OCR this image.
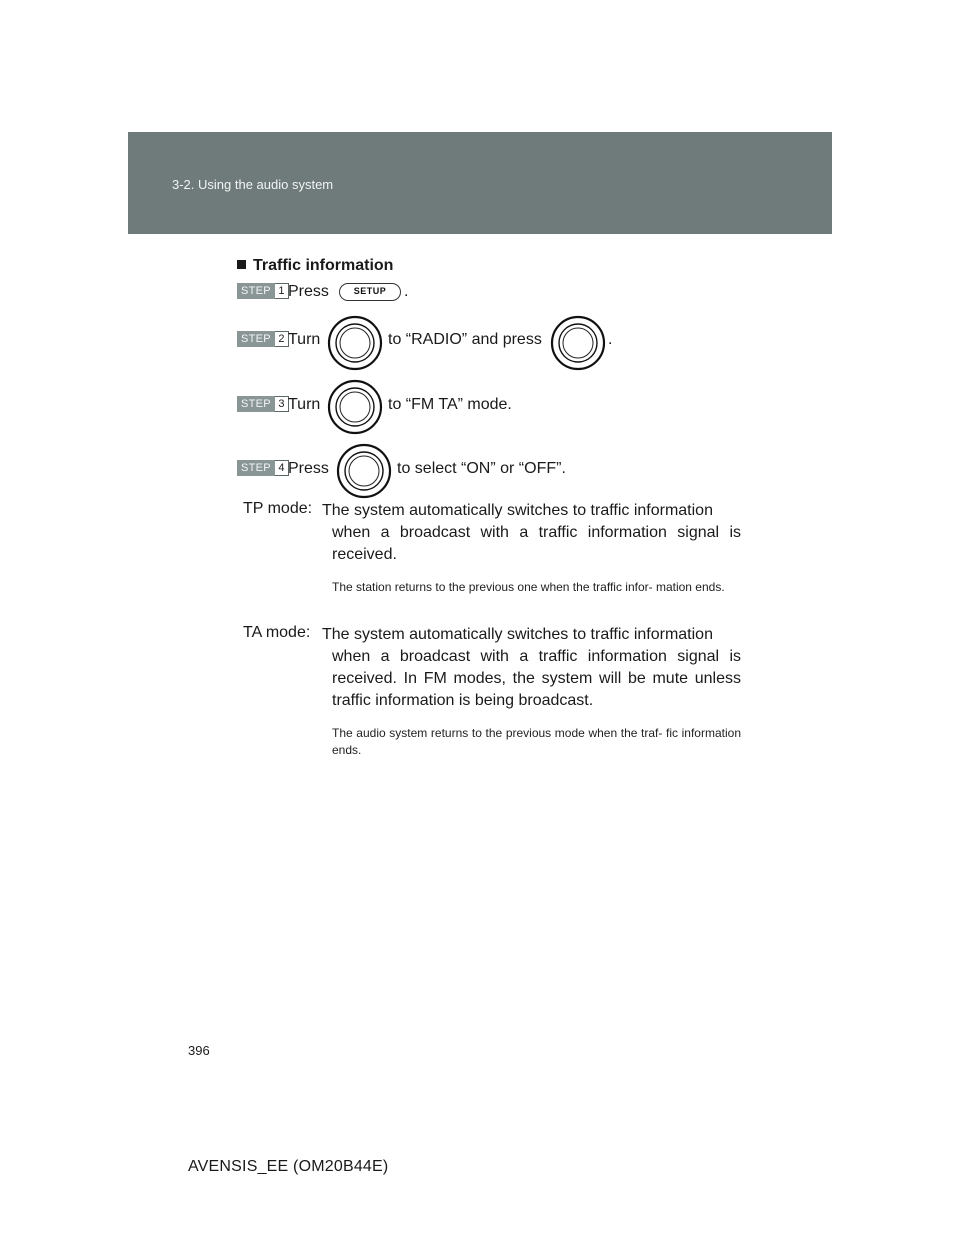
3-2. Using the audio system
Traffic information
STEP 1 Press	SETUP	.
STEP 2 Turn	to “RADIO” and press	.
STEP 3 Turn	to “FM TA” mode.
STEP 4 Press	to select “ON” or “OFF”.
TP mode: The system automatically switches to traffic information

when a broadcast with a traffic information signal is received.

The station returns to the previous one when the traffic infor- mation ends.
TA mode: The system automatically switches to traffic information

when a broadcast with a traffic information signal is received. In FM modes, the system will be mute unless traffic information is being broadcast.

The audio system returns to the previous mode when the traf- fic information ends.
396
AVENSIS_EE (OM20B44E)
